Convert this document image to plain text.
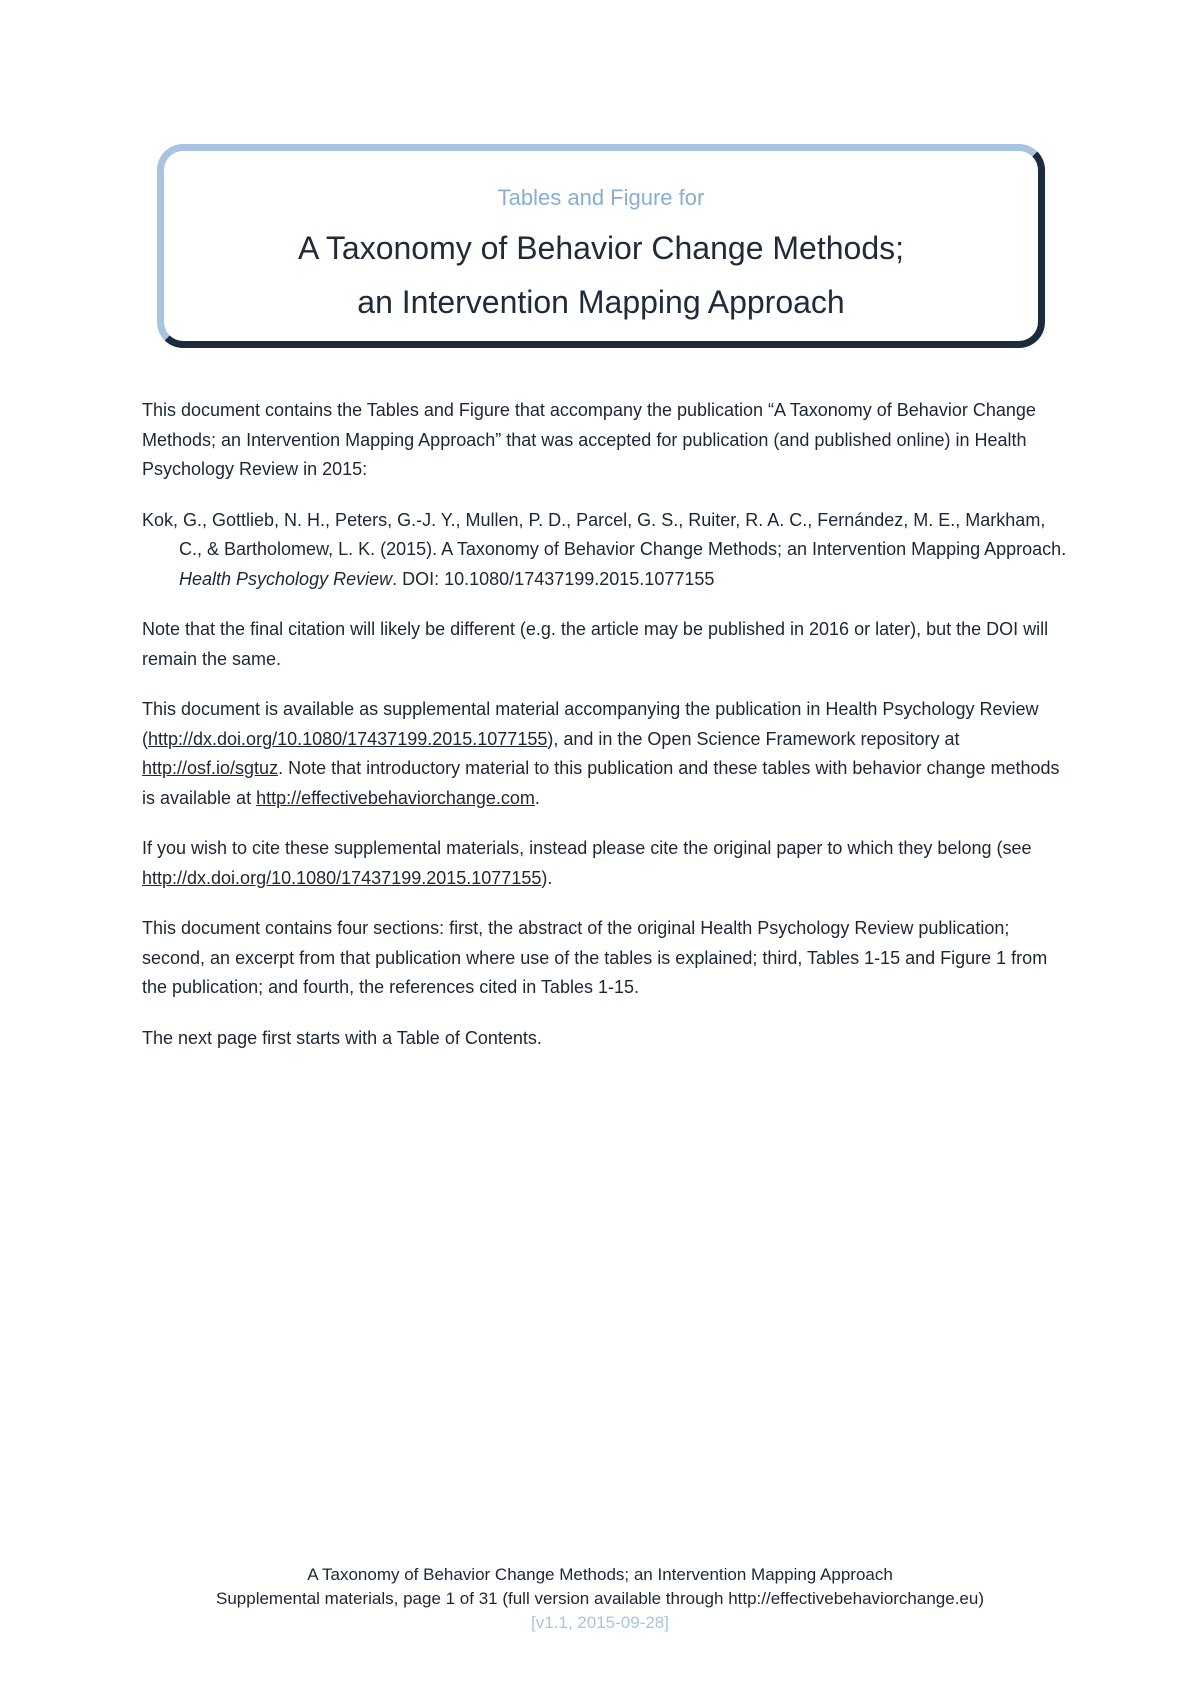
Tables and Figure for
A Taxonomy of Behavior Change Methods;
an Intervention Mapping Approach

This document contains the Tables and Figure that accompany the publication “A Taxonomy of Behavior Change Methods; an Intervention Mapping Approach” that was accepted for publication (and published online) in Health Psychology Review in 2015:

Kok, G., Gottlieb, N. H., Peters, G.-J. Y., Mullen, P. D., Parcel, G. S., Ruiter, R. A. C., Fernández, M. E., Markham, C., & Bartholomew, L. K. (2015). A Taxonomy of Behavior Change Methods; an Intervention Mapping Approach. Health Psychology Review. DOI: 10.1080/17437199.2015.1077155

Note that the final citation will likely be different (e.g. the article may be published in 2016 or later), but the DOI will remain the same.

This document is available as supplemental material accompanying the publication in Health Psychology Review (http://dx.doi.org/10.1080/17437199.2015.1077155), and in the Open Science Framework repository at http://osf.io/sgtuz. Note that introductory material to this publication and these tables with behavior change methods is available at http://effectivebehaviorchange.com.

If you wish to cite these supplemental materials, instead please cite the original paper to which they belong (see http://dx.doi.org/10.1080/17437199.2015.1077155).

This document contains four sections: first, the abstract of the original Health Psychology Review publication; second, an excerpt from that publication where use of the tables is explained; third, Tables 1-15 and Figure 1 from the publication; and fourth, the references cited in Tables 1-15.

The next page first starts with a Table of Contents.

A Taxonomy of Behavior Change Methods; an Intervention Mapping Approach
Supplemental materials, page 1 of 31 (full version available through http://effectivebehaviorchange.eu)
[v1.1, 2015-09-28]
